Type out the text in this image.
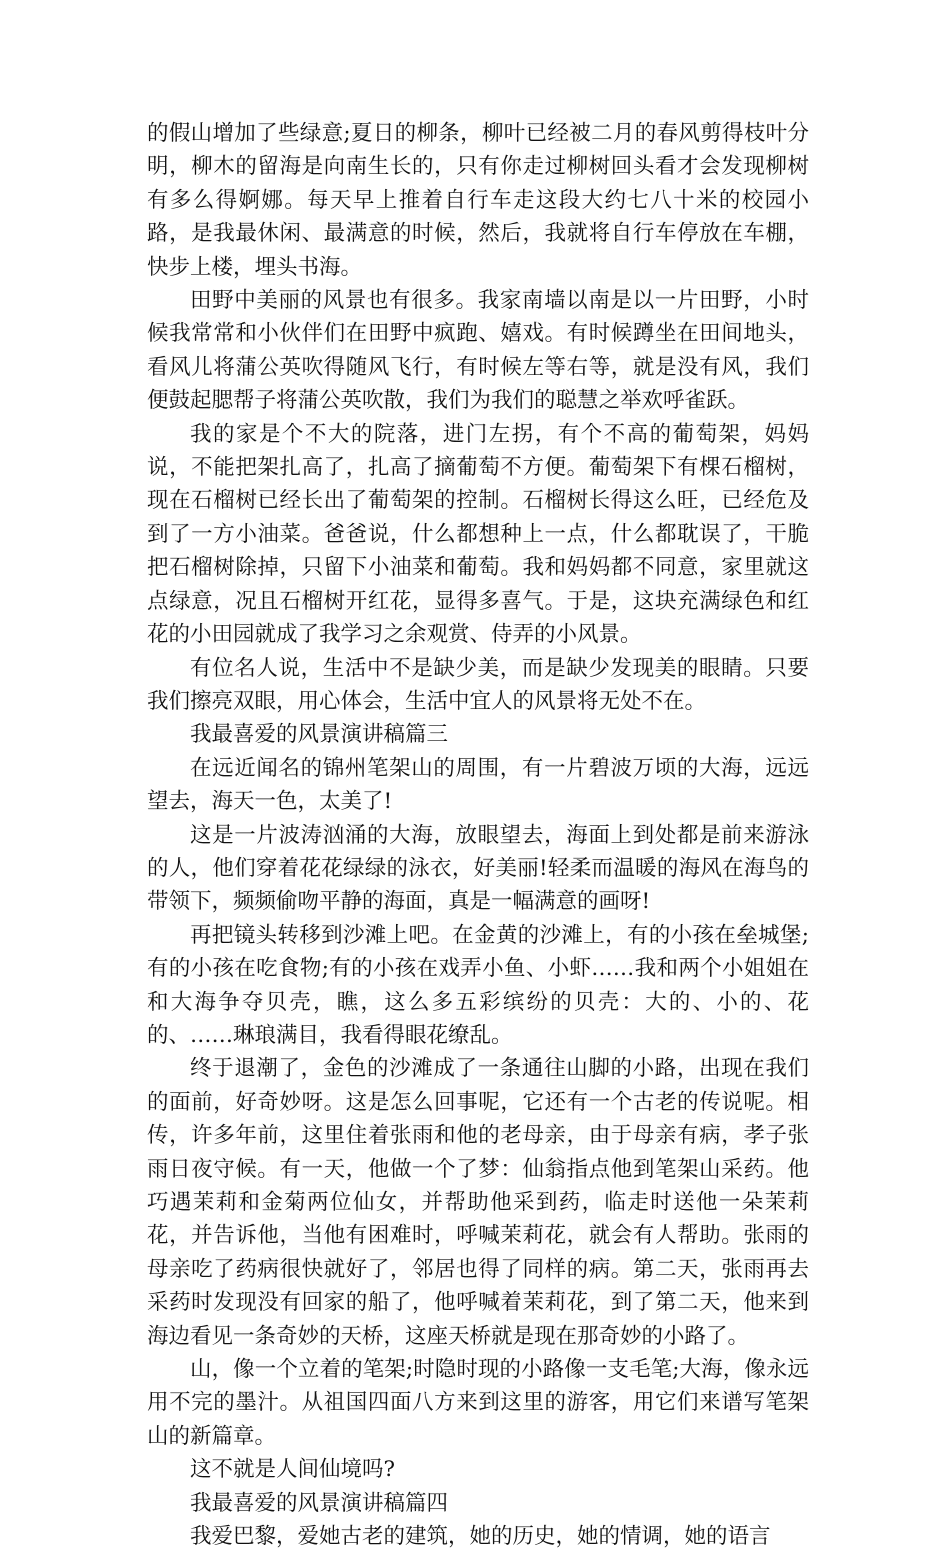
的假山增加了些绿意;夏日的柳条，柳叶已经被二月的春风剪得枝叶分明，柳木的留海是向南生长的，只有你走过柳树回头看才会发现柳树有多么得婀娜。每天早上推着自行车走这段大约七八十米的校园小路，是我最休闲、最满意的时候，然后，我就将自行车停放在车棚，快步上楼，埋头书海。

田野中美丽的风景也有很多。我家南墙以南是以一片田野，小时候我常常和小伙伴们在田野中疯跑、嬉戏。有时候蹲坐在田间地头，看风儿将蒲公英吹得随风飞行，有时候左等右等，就是没有风，我们便鼓起腮帮子将蒲公英吹散，我们为我们的聪慧之举欢呼雀跃。

我的家是个不大的院落，进门左拐，有个不高的葡萄架，妈妈说，不能把架扎高了，扎高了摘葡萄不方便。葡萄架下有棵石榴树，现在石榴树已经长出了葡萄架的控制。石榴树长得这么旺，已经危及到了一方小油菜。爸爸说，什么都想种上一点，什么都耽误了，干脆把石榴树除掉，只留下小油菜和葡萄。我和妈妈都不同意，家里就这点绿意，况且石榴树开红花，显得多喜气。于是，这块充满绿色和红花的小田园就成了我学习之余观赏、侍弄的小风景。

有位名人说，生活中不是缺少美，而是缺少发现美的眼睛。只要我们擦亮双眼，用心体会，生活中宜人的风景将无处不在。

我最喜爱的风景演讲稿篇三

在远近闻名的锦州笔架山的周围，有一片碧波万顷的大海，远远望去，海天一色，太美了!

这是一片波涛汹涌的大海，放眼望去，海面上到处都是前来游泳的人，他们穿着花花绿绿的泳衣，好美丽!轻柔而温暖的海风在海鸟的带领下，频频偷吻平静的海面，真是一幅满意的画呀!

再把镜头转移到沙滩上吧。在金黄的沙滩上，有的小孩在垒城堡;有的小孩在吃食物;有的小孩在戏弄小鱼、小虾……我和两个小姐姐在和大海争夺贝壳，瞧，这么多五彩缤纷的贝壳：大的、小的、花的、……琳琅满目，我看得眼花缭乱。

终于退潮了，金色的沙滩成了一条通往山脚的小路，出现在我们的面前，好奇妙呀。这是怎么回事呢，它还有一个古老的传说呢。相传，许多年前，这里住着张雨和他的老母亲，由于母亲有病，孝子张雨日夜守候。有一天，他做一个了梦：仙翁指点他到笔架山采药。他巧遇茉莉和金菊两位仙女，并帮助他采到药，临走时送他一朵茉莉花，并告诉他，当他有困难时，呼喊茉莉花，就会有人帮助。张雨的母亲吃了药病很快就好了，邻居也得了同样的病。第二天，张雨再去采药时发现没有回家的船了，他呼喊着茉莉花，到了第二天，他来到海边看见一条奇妙的天桥，这座天桥就是现在那奇妙的小路了。

山，像一个立着的笔架;时隐时现的小路像一支毛笔;大海，像永远用不完的墨汁。从祖国四面八方来到这里的游客，用它们来谱写笔架山的新篇章。

这不就是人间仙境吗?

我最喜爱的风景演讲稿篇四

我爱巴黎，爱她古老的建筑，她的历史，她的情调，她的语言
